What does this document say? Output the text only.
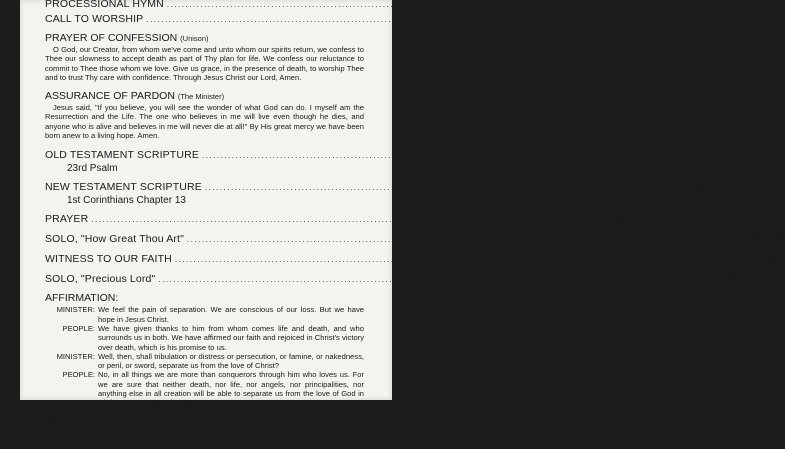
PROCESSIONAL HYMN .....	Organist
CALL TO WORSHIP .....	Rev. James R. Ephraim, Jr.
PRAYER OF CONFESSION (Unison)

O God, our Creator, from whom we've come and unto whom our spirits return, we confess to Thee our slowness to accept death as part of Thy plan for life. We confess our reluctance to commit to Thee those whom we love. Give us grace, in the presence of death, to worship Thee and to trust Thy care with confidence. Through Jesus Christ our Lord, Amen.

ASSURANCE OF PARDON (The Minister)

Jesus said, "If you believe, you will see the wonder of what God can do. I myself am the Resurrection and the Life. The one who believes in me will live even though he dies, and anyone who is alive and believes in me will never die at all!" By His great mercy we have been born anew to a living hope. Amen.

OLD TESTAMENT SCRIPTURE .....	Minister
23rd Psalm
NEW TESTAMENT SCRIPTURE .....	Minister
1st Corinthians Chapter 13
PRAYER .....	Minister
SOLO, "How Great Thou Art" .....	Mr. Patrick Robertson
WITNESS TO OUR FAITH .....	Rev. J. R. Ephraim, Jr.
SOLO, "Precious Lord" .....	Mr. Patrick Robertson
AFFIRMATION:
MINISTER: We feel the pain of separation. We are conscious of our loss. But we have hope in Jesus Christ.
PEOPLE: We have given thanks to him from whom comes life and death, and who surrounds us in both. We have affirmed our faith and rejoiced in Christ's victory over death, which is his promise to us.
MINISTER: Well, then, shall tribulation or distress or persecution, or famine, or nakedness, or peril, or sword, separate us from the love of Christ?
PEOPLE: No, in all things we are more than conquerors through him who loves us. For we are sure that neither death, nor life, nor angels, nor principalities, nor anything else in all creation will be able to separate us from the love of God in Christ Jesus, our Lord. Amen.
BENEDICTION
RECESSIONAL HYMN .....	Choirs
